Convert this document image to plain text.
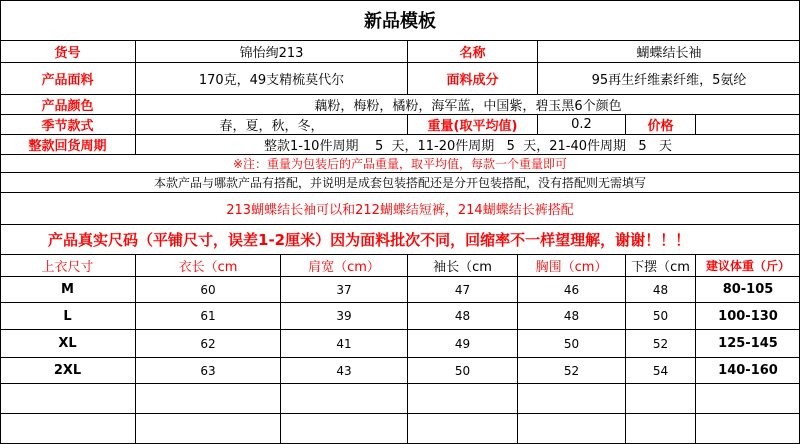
新品模板
货号	锦怡绚213	名称	蝴蝶结长袖
产品面料	170克，49支精梳莫代尔	面料成分	95再生纤维素纤维，5氨纶
产品颜色	藕粉，梅粉，橘粉，海军蓝，中国紫，碧玉黑6个颜色
季节款式	春，夏，秋，冬，	重量(取平均值)	0.2	价格
整款回货周期	整款1-10件周期    5  天，11-20件周期   5  天，21-40件周期   5   天
※注：重量为包装后的产品重量，取平均值，每款一个重量即可
本款产品与哪款产品有搭配，并说明是成套包装搭配还是分开包装搭配，没有搭配则无需填写
213蝴蝶结长袖可以和212蝴蝶结短裤，214蝴蝶结长裤搭配
产品真实尺码（平铺尺寸，误差1-2厘米）因为面料批次不同，回缩率不一样望理解，谢谢！！！
上衣尺寸	衣长（cm	肩宽（cm）	袖长（cm	胸围（cm）	下摆（cm	建议体重（斤）
M	60	37	47	46	48	80-105
L	61	39	48	48	50	100-130
XL	62	41	49	50	52	125-145
2XL	63	43	50	52	54	140-160
